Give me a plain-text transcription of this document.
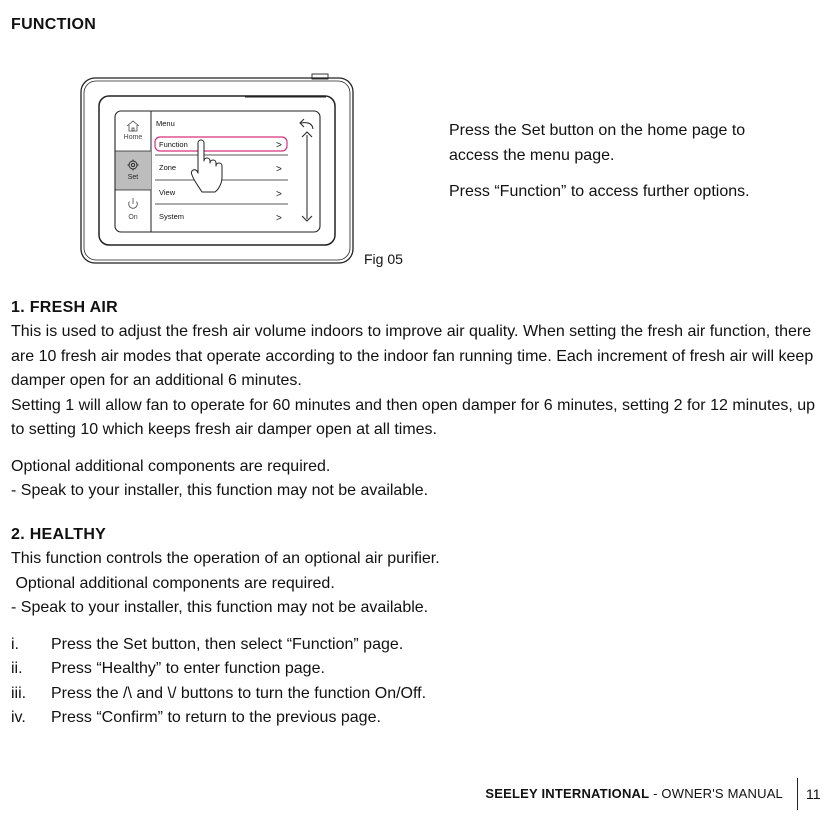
FUNCTION
Home
Set
On
Menu
Function	>
Zone	>
View	>
System	>
Fig 05

Press the Set button on the home page to access the menu page.

Press “Function” to access further options.

1. FRESH AIR

This is used to adjust the fresh air volume indoors to improve air quality. When setting the fresh air function, there are 10 fresh air modes that operate according to the indoor fan running time. Each increment of fresh air will keep damper open for an additional 6 minutes.

Setting 1 will allow fan to operate for 60 minutes and then open damper for 6 minutes, setting 2 for 12 minutes, up to setting 10 which keeps fresh air damper open at all times.

Optional additional components are required.

- Speak to your installer, this function may not be available.

2. HEALTHY

This function controls the operation of an optional air purifier.

Optional additional components are required.

- Speak to your installer, this function may not be available.

i. Press the Set button, then select “Function” page.
ii. Press “Healthy” to enter function page.
iii. Press the /\ and \/ buttons to turn the function On/Off.
iv. Press “Confirm” to return to the previous page.
SEELEY INTERNATIONAL - OWNER'S MANUAL 11
